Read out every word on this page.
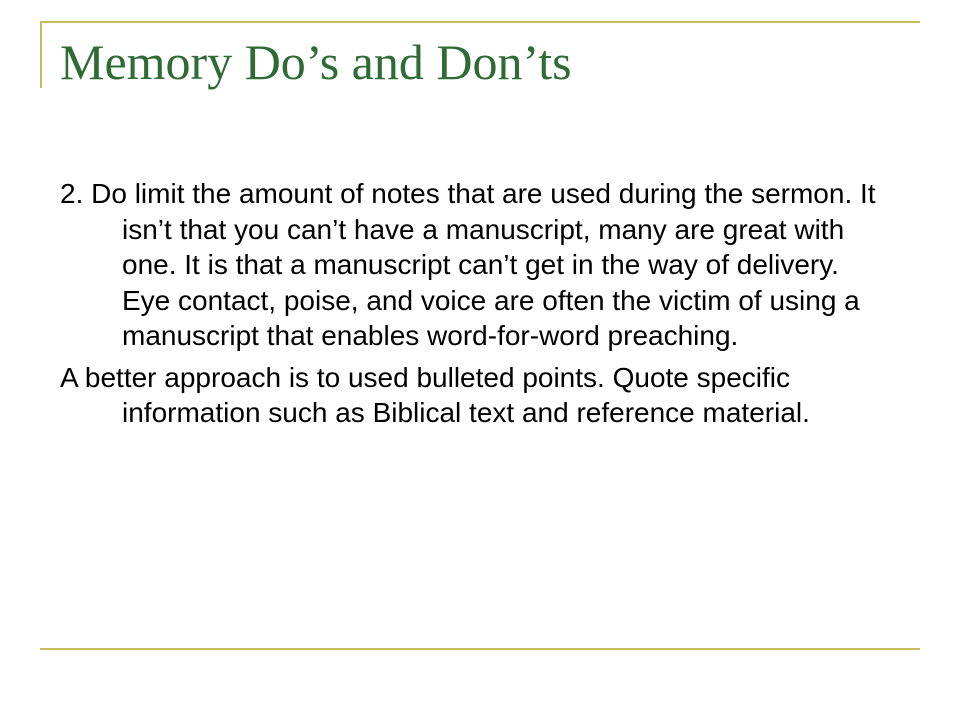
Memory Do’s and Don’ts

2. Do limit the amount of notes that are used during the sermon. It isn’t that you can’t have a manuscript, many are great with one. It is that a manuscript can’t get in the way of delivery. Eye contact, poise, and voice are often the victim of using a manuscript that enables word-for-word preaching.

A better approach is to used bulleted points. Quote specific information such as Biblical text and reference material.
